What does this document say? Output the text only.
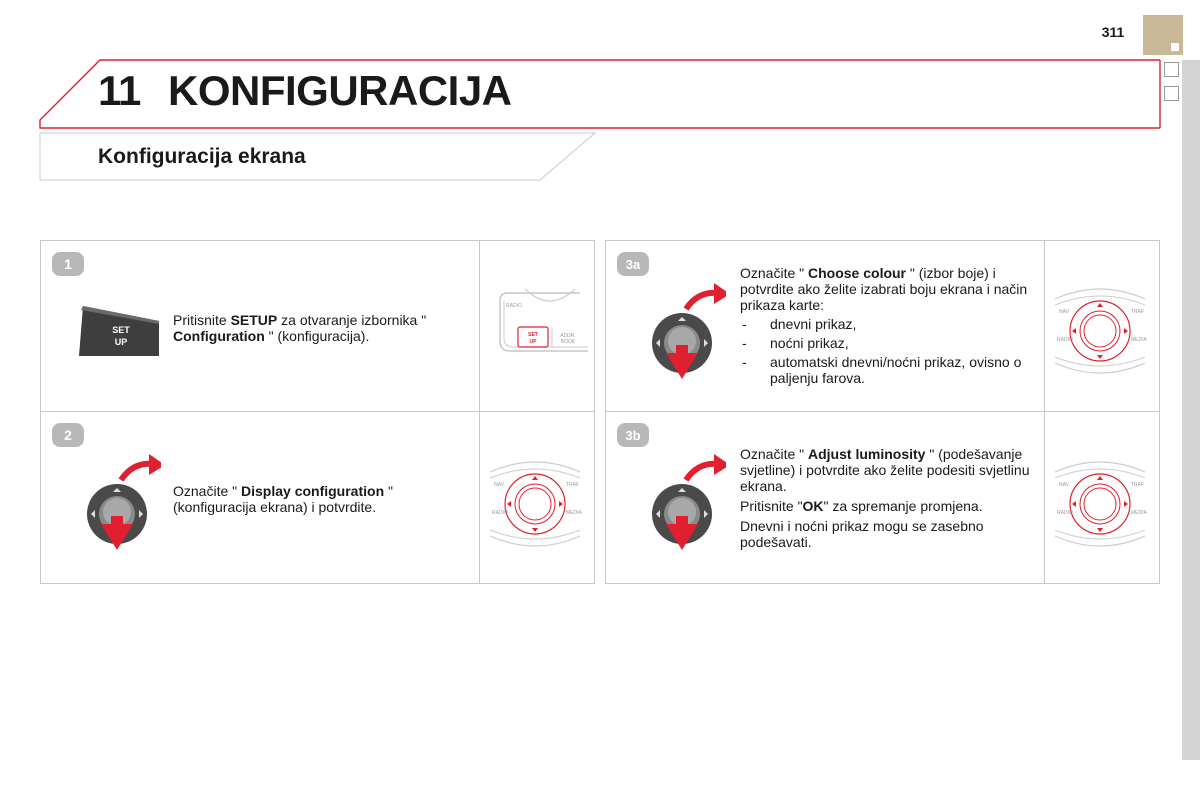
311
11 KONFIGURACIJA
Konfiguracija ekrana
1
SET
UP
Pritisnite SETUP za otvaranje izbornika " Configuration " (konfiguracija).
RADIO
SET
UP
ADDR.
BOOK
2
Označite " Display configuration " (konfiguracija ekrana) i potvrdite.
NAV	TRAF
RADIO	MEDIA
3a
Označite " Choose colour " (izbor boje) i potvrdite ako želite izabrati boju ekrana i način prikaza karte:
- dnevni prikaz,
- noćni prikaz,
- automatski dnevni/noćni prikaz, ovisno o paljenju farova.
NAV	TRAF
RADIO	MEDIA
3b
Označite " Adjust luminosity " (podešavanje svjetline) i potvrdite ako želite podesiti svjetlinu ekrana.
Pritisnite "OK" za spremanje promjena.
Dnevni i noćni prikaz mogu se zasebno podešavati.
NAV	TRAF
RADIO	MEDIA
